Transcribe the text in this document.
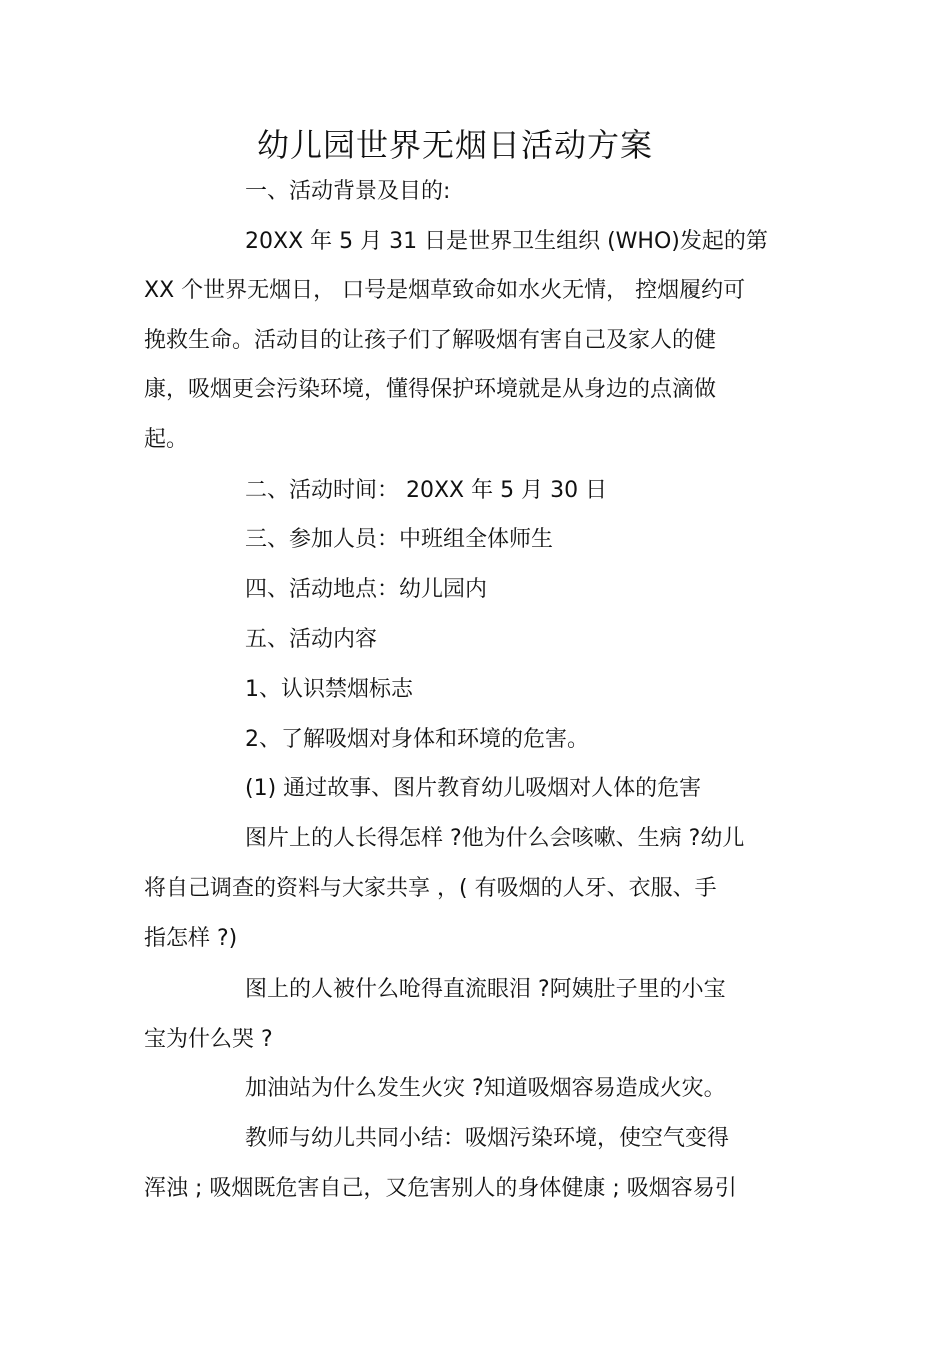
幼儿园世界无烟日活动方案
一、活动背景及目的:
20XX 年 5 月 31 日是世界卫生组织 (WHO)发起的第
XX 个世界无烟日， 口号是烟草致命如水火无情， 控烟履约可
挽救生命。活动目的让孩子们了解吸烟有害自己及家人的健
康，吸烟更会污染环境，懂得保护环境就是从身边的点滴做
起。
二、活动时间： 20XX 年 5 月 30 日
三、参加人员：中班组全体师生
四、活动地点：幼儿园内
五、活动内容
1、认识禁烟标志
2、了解吸烟对身体和环境的危害。
(1) 通过故事、图片教育幼儿吸烟对人体的危害
图片上的人长得怎样 ?他为什么会咳嗽、生病 ?幼儿
将自己调查的资料与大家共享 ，( 有吸烟的人牙、衣服、手
指怎样 ?)
图上的人被什么呛得直流眼泪 ?阿姨肚子里的小宝
宝为什么哭 ?
加油站为什么发生火灾 ?知道吸烟容易造成火灾。
教师与幼儿共同小结：吸烟污染环境，使空气变得
浑浊 ; 吸烟既危害自己，又危害别人的身体健康 ; 吸烟容易引
